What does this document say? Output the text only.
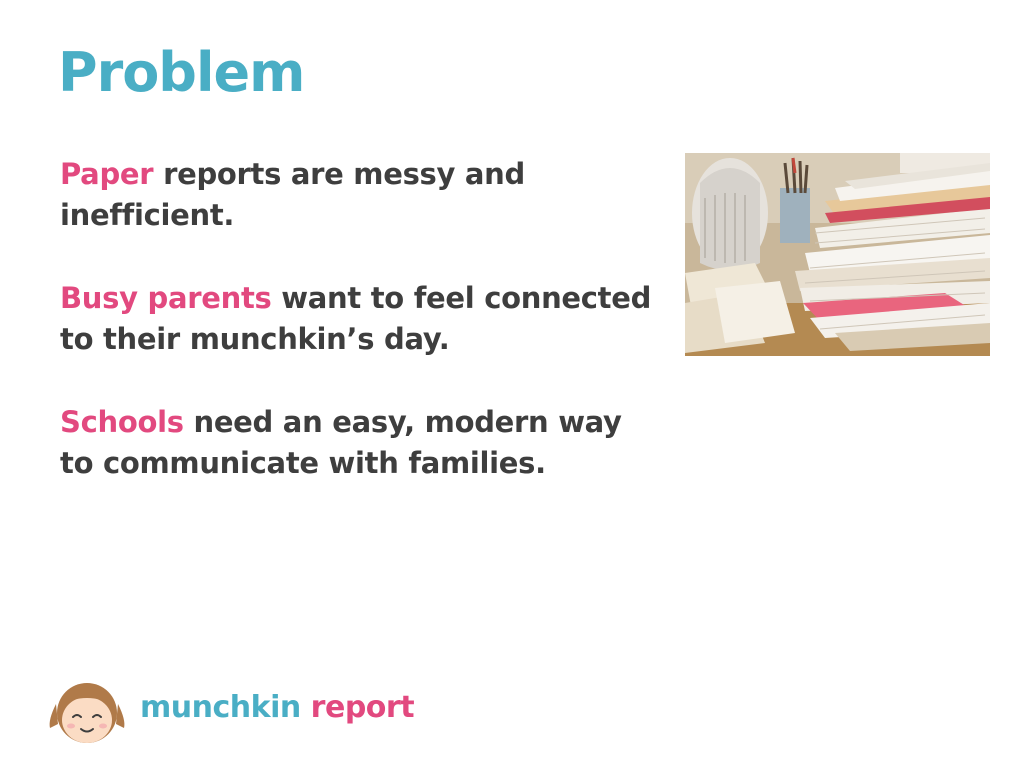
Problem

Paper reports are messy and inefficient.

Busy parents want to feel connected to their munchkin’s day.

Schools need an easy, modern way to communicate with families.

munchkin report
